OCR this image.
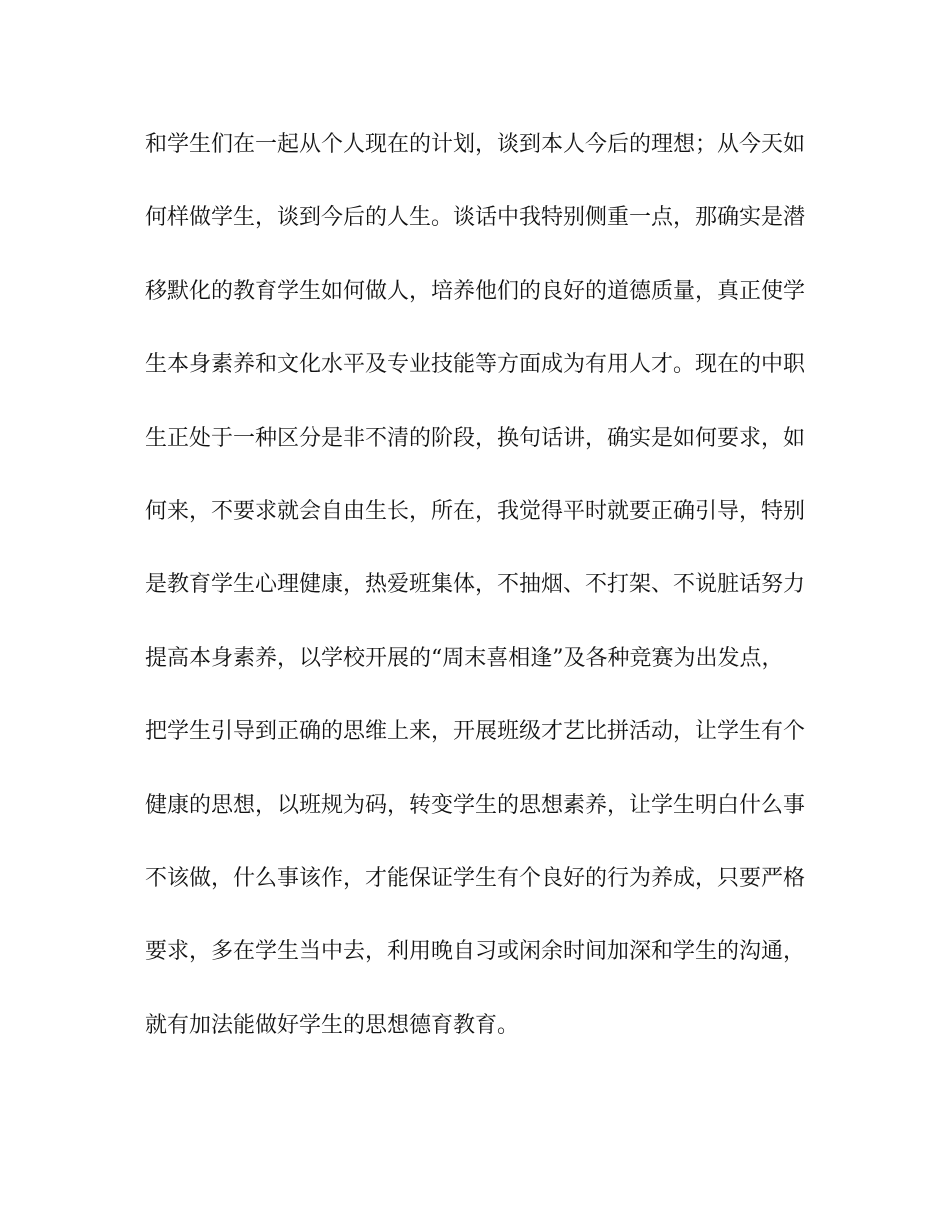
和学生们在一起从个人现在的计划，谈到本人今后的理想；从今天如
何样做学生，谈到今后的人生。谈话中我特别侧重一点，那确实是潜
移默化的教育学生如何做人，培养他们的良好的道德质量，真正使学
生本身素养和文化水平及专业技能等方面成为有用人才。现在的中职
生正处于一种区分是非不清的阶段，换句话讲，确实是如何要求，如
何来，不要求就会自由生长，所在，我觉得平时就要正确引导，特别
是教育学生心理健康，热爱班集体，不抽烟、不打架、不说脏话努力
提高本身素养，以学校开展的“周末喜相逢”及各种竞赛为出发点，
把学生引导到正确的思维上来，开展班级才艺比拼活动，让学生有个
健康的思想，以班规为码，转变学生的思想素养，让学生明白什么事
不该做，什么事该作，才能保证学生有个良好的行为养成，只要严格
要求，多在学生当中去，利用晚自习或闲余时间加深和学生的沟通，
就有加法能做好学生的思想德育教育。
